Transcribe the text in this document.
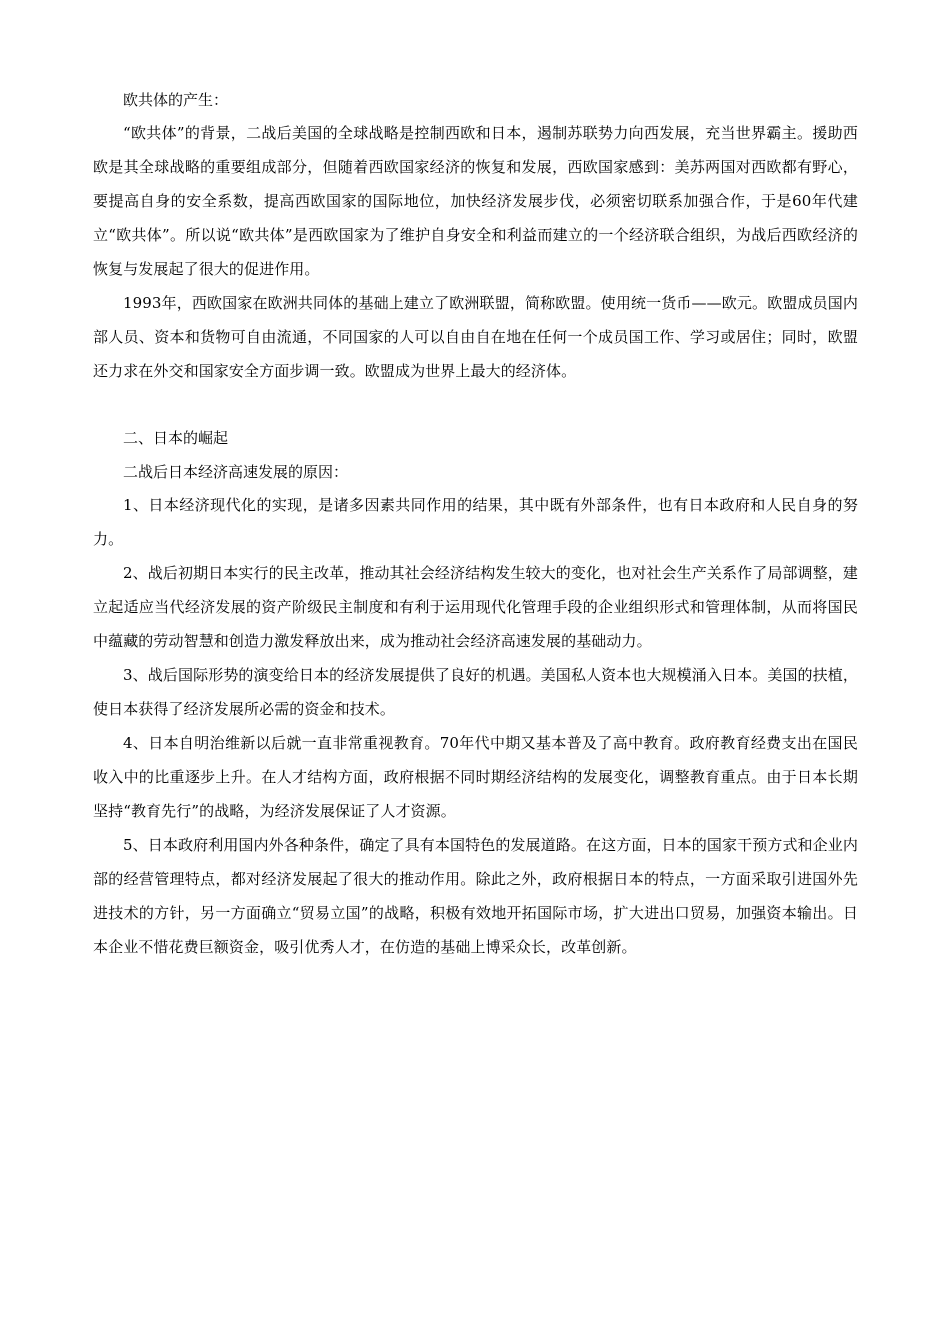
欧共体的产生：

“欧共体”的背景，二战后美国的全球战略是控制西欧和日本，遏制苏联势力向西发展，充当世界霸主。援助西欧是其全球战略的重要组成部分，但随着西欧国家经济的恢复和发展，西欧国家感到：美苏两国对西欧都有野心，要提高自身的安全系数，提高西欧国家的国际地位，加快经济发展步伐，必须密切联系加强合作，于是60年代建立“欧共体”。所以说“欧共体”是西欧国家为了维护自身安全和利益而建立的一个经济联合组织，为战后西欧经济的恢复与发展起了很大的促进作用。

1993年，西欧国家在欧洲共同体的基础上建立了欧洲联盟，简称欧盟。使用统一货币——欧元。欧盟成员国内部人员、资本和货物可自由流通，不同国家的人可以自由自在地在任何一个成员国工作、学习或居住；同时，欧盟还力求在外交和国家安全方面步调一致。欧盟成为世界上最大的经济体。

二、日本的崛起

二战后日本经济高速发展的原因：

1、日本经济现代化的实现，是诸多因素共同作用的结果，其中既有外部条件，也有日本政府和人民自身的努力。

2、战后初期日本实行的民主改革，推动其社会经济结构发生较大的变化，也对社会生产关系作了局部调整，建立起适应当代经济发展的资产阶级民主制度和有利于运用现代化管理手段的企业组织形式和管理体制，从而将国民中蕴藏的劳动智慧和创造力激发释放出来，成为推动社会经济高速发展的基础动力。

3、战后国际形势的演变给日本的经济发展提供了良好的机遇。美国私人资本也大规模涌入日本。美国的扶植，使日本获得了经济发展所必需的资金和技术。

4、日本自明治维新以后就一直非常重视教育。70年代中期又基本普及了高中教育。政府教育经费支出在国民收入中的比重逐步上升。在人才结构方面，政府根据不同时期经济结构的发展变化，调整教育重点。由于日本长期坚持“教育先行”的战略，为经济发展保证了人才资源。

5、日本政府利用国内外各种条件，确定了具有本国特色的发展道路。在这方面，日本的国家干预方式和企业内部的经营管理特点，都对经济发展起了很大的推动作用。除此之外，政府根据日本的特点，一方面采取引进国外先进技术的方针，另一方面确立“贸易立国”的战略，积极有效地开拓国际市场，扩大进出口贸易，加强资本输出。日本企业不惜花费巨额资金，吸引优秀人才，在仿造的基础上博采众长，改革创新。
